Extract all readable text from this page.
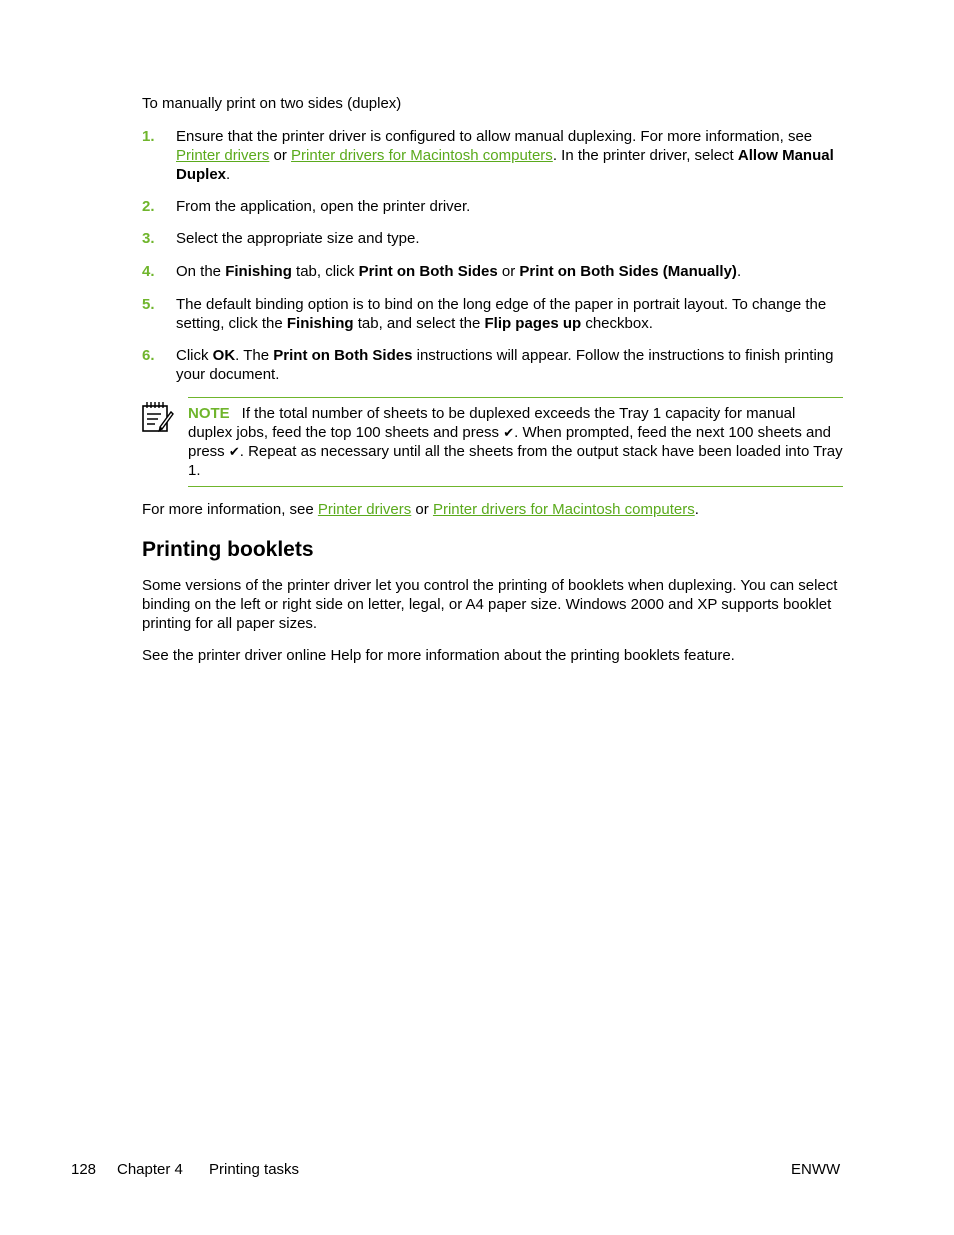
To manually print on two sides (duplex)

1. Ensure that the printer driver is configured to allow manual duplexing. For more information, see Printer drivers or Printer drivers for Macintosh computers. In the printer driver, select Allow Manual Duplex.
2. From the application, open the printer driver.
3. Select the appropriate size and type.
4. On the Finishing tab, click Print on Both Sides or Print on Both Sides (Manually).
5. The default binding option is to bind on the long edge of the paper in portrait layout. To change the setting, click the Finishing tab, and select the Flip pages up checkbox.
6. Click OK. The Print on Both Sides instructions will appear. Follow the instructions to finish printing your document.
NOTE If the total number of sheets to be duplexed exceeds the Tray 1 capacity for manual duplex jobs, feed the top 100 sheets and press ✔. When prompted, feed the next 100 sheets and press ✔. Repeat as necessary until all the sheets from the output stack have been loaded into Tray 1.

For more information, see Printer drivers or Printer drivers for Macintosh computers.

Printing booklets

Some versions of the printer driver let you control the printing of booklets when duplexing. You can select binding on the left or right side on letter, legal, or A4 paper size. Windows 2000 and XP supports booklet printing for all paper sizes.

See the printer driver online Help for more information about the printing booklets feature.

128 Chapter 4 Printing tasks	ENWW
